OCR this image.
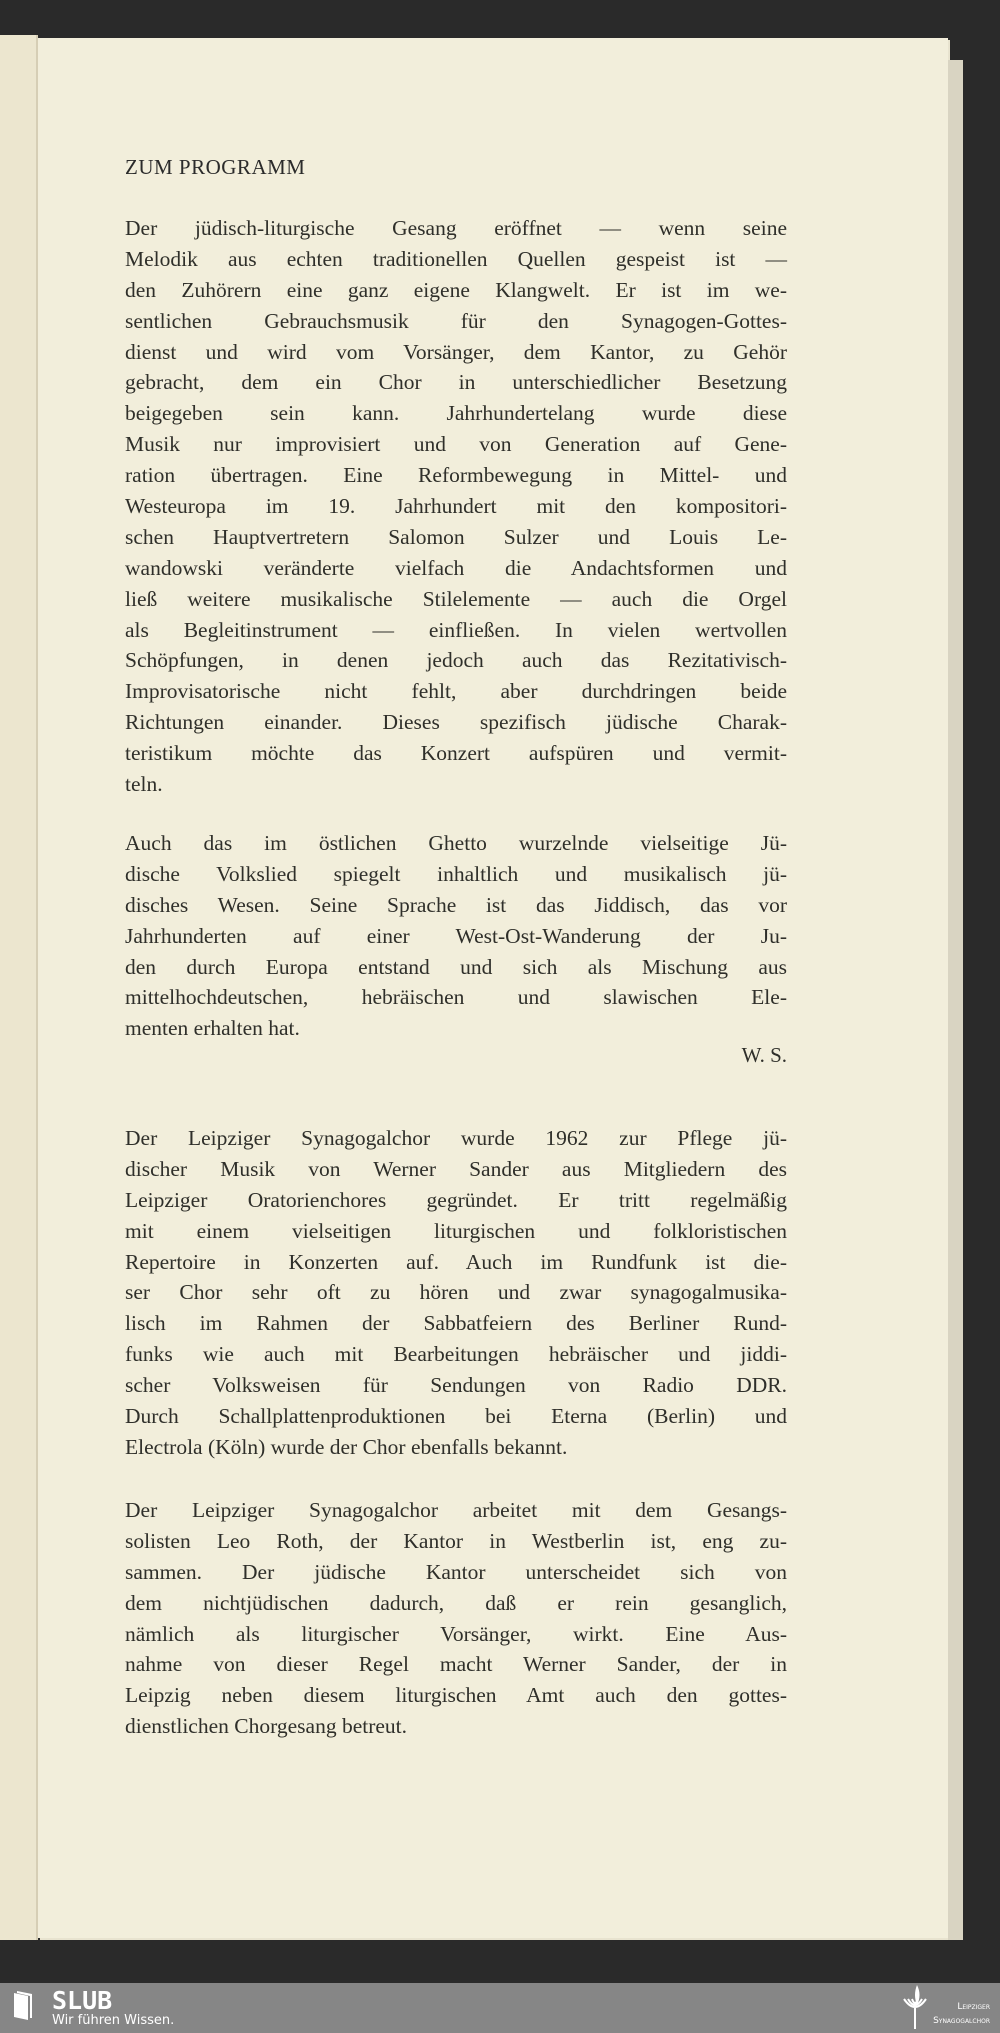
ZUM PROGRAMM
Der jüdisch-liturgische Gesang eröffnet — wenn seine
Melodik aus echten traditionellen Quellen gespeist ist —
den Zuhörern eine ganz eigene Klangwelt. Er ist im we-
sentlichen Gebrauchsmusik für den Synagogen-Gottes-
dienst und wird vom Vorsänger, dem Kantor, zu Gehör
gebracht, dem ein Chor in unterschiedlicher Besetzung
beigegeben sein kann. Jahrhundertelang wurde diese
Musik nur improvisiert und von Generation auf Gene-
ration übertragen. Eine Reformbewegung in Mittel- und
Westeuropa im 19. Jahrhundert mit den kompositori-
schen Hauptvertretern Salomon Sulzer und Louis Le-
wandowski veränderte vielfach die Andachtsformen und
ließ weitere musikalische Stilelemente — auch die Orgel
als Begleitinstrument — einfließen. In vielen wertvollen
Schöpfungen, in denen jedoch auch das Rezitativisch-
Improvisatorische nicht fehlt, aber durchdringen beide
Richtungen einander. Dieses spezifisch jüdische Charak-
teristikum möchte das Konzert aufspüren und vermit-
teln.
Auch das im östlichen Ghetto wurzelnde vielseitige Jü-
dische Volkslied spiegelt inhaltlich und musikalisch jü-
disches Wesen. Seine Sprache ist das Jiddisch, das vor
Jahrhunderten auf einer West-Ost-Wanderung der Ju-
den durch Europa entstand und sich als Mischung aus
mittelhochdeutschen, hebräischen und slawischen Ele-
menten erhalten hat.
W. S.
Der Leipziger Synagogalchor wurde 1962 zur Pflege jü-
discher Musik von Werner Sander aus Mitgliedern des
Leipziger Oratorienchores gegründet. Er tritt regelmäßig
mit einem vielseitigen liturgischen und folkloristischen
Repertoire in Konzerten auf. Auch im Rundfunk ist die-
ser Chor sehr oft zu hören und zwar synagogalmusika-
lisch im Rahmen der Sabbatfeiern des Berliner Rund-
funks wie auch mit Bearbeitungen hebräischer und jiddi-
scher Volksweisen für Sendungen von Radio DDR.
Durch Schallplattenproduktionen bei Eterna (Berlin) und
Electrola (Köln) wurde der Chor ebenfalls bekannt.
Der Leipziger Synagogalchor arbeitet mit dem Gesangs-
solisten Leo Roth, der Kantor in Westberlin ist, eng zu-
sammen. Der jüdische Kantor unterscheidet sich von
dem nichtjüdischen dadurch, daß er rein gesanglich,
nämlich als liturgischer Vorsänger, wirkt. Eine Aus-
nahme von dieser Regel macht Werner Sander, der in
Leipzig neben diesem liturgischen Amt auch den gottes-
dienstlichen Chorgesang betreut.
SLUB
Wir führen Wissen.
Leipziger
Synagogalchor
